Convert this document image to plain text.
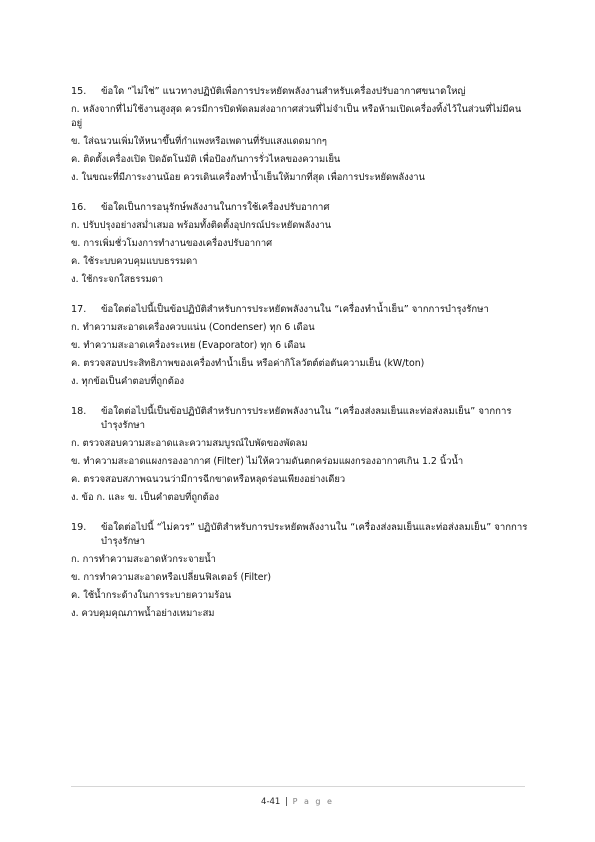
15.	ข้อใด “ไม่ใช่” แนวทางปฏิบัติเพื่อการประหยัดพลังงานสำหรับเครื่องปรับอากาศขนาดใหญ่
ก. หลังจากที่ไม่ใช้งานสูงสุด ควรมีการปิดพัดลมส่งอากาศส่วนที่ไม่จำเป็น หรือห้ามเปิดเครื่องทิ้งไว้ในส่วนที่ไม่มีคนอยู่
ข. ใส่ฉนวนเพิ่มให้หนาขึ้นที่กำแพงหรือเพดานที่รับแสงแดดมากๆ
ค. ติดตั้งเครื่องเปิด ปิดอัตโนมัติ เพื่อป้องกันการรั่วไหลของความเย็น
ง. ในขณะที่มีภาระงานน้อย ควรเดินเครื่องทำน้ำเย็นให้มากที่สุด เพื่อการประหยัดพลังงาน
16.	ข้อใดเป็นการอนุรักษ์พลังงานในการใช้เครื่องปรับอากาศ
ก. ปรับปรุงอย่างสม่ำเสมอ พร้อมทั้งติดตั้งอุปกรณ์ประหยัดพลังงาน
ข. การเพิ่มชั่วโมงการทำงานของเครื่องปรับอากาศ
ค. ใช้ระบบควบคุมแบบธรรมดา
ง. ใช้กระจกใสธรรมดา
17.	ข้อใดต่อไปนี้เป็นข้อปฏิบัติสำหรับการประหยัดพลังงานใน “เครื่องทำน้ำเย็น” จากการบำรุงรักษา
ก. ทำความสะอาดเครื่องควบแน่น (Condenser) ทุก 6 เดือน
ข. ทำความสะอาดเครื่องระเหย (Evaporator) ทุก 6 เดือน
ค. ตรวจสอบประสิทธิภาพของเครื่องทำน้ำเย็น หรือค่ากิโลวัตต์ต่อตันความเย็น (kW/ton)
ง. ทุกข้อเป็นคำตอบที่ถูกต้อง
18.	ข้อใดต่อไปนี้เป็นข้อปฏิบัติสำหรับการประหยัดพลังงานใน “เครื่องส่งลมเย็นและท่อส่งลมเย็น” จากการบำรุงรักษา
ก. ตรวจสอบความสะอาดและความสมบูรณ์ใบพัดของพัดลม
ข. ทำความสะอาดแผงกรองอากาศ (Filter) ไม่ให้ความดันตกคร่อมแผงกรองอากาศเกิน 1.2 นิ้วน้ำ
ค. ตรวจสอบสภาพฉนวนว่ามีการฉีกขาดหรือหลุดร่อนเพียงอย่างเดียว
ง. ข้อ ก. และ ข. เป็นคำตอบที่ถูกต้อง
19.	ข้อใดต่อไปนี้ “ไม่ควร” ปฏิบัติสำหรับการประหยัดพลังงานใน “เครื่องส่งลมเย็นและท่อส่งลมเย็น” จากการบำรุงรักษา
ก. การทำความสะอาดหัวกระจายน้ำ
ข. การทำความสะอาดหรือเปลี่ยนฟิลเตอร์ (Filter)
ค. ใช้น้ำกระด้างในการระบายความร้อน
ง. ควบคุมคุณภาพน้ำอย่างเหมาะสม
4-41 | P a g e
